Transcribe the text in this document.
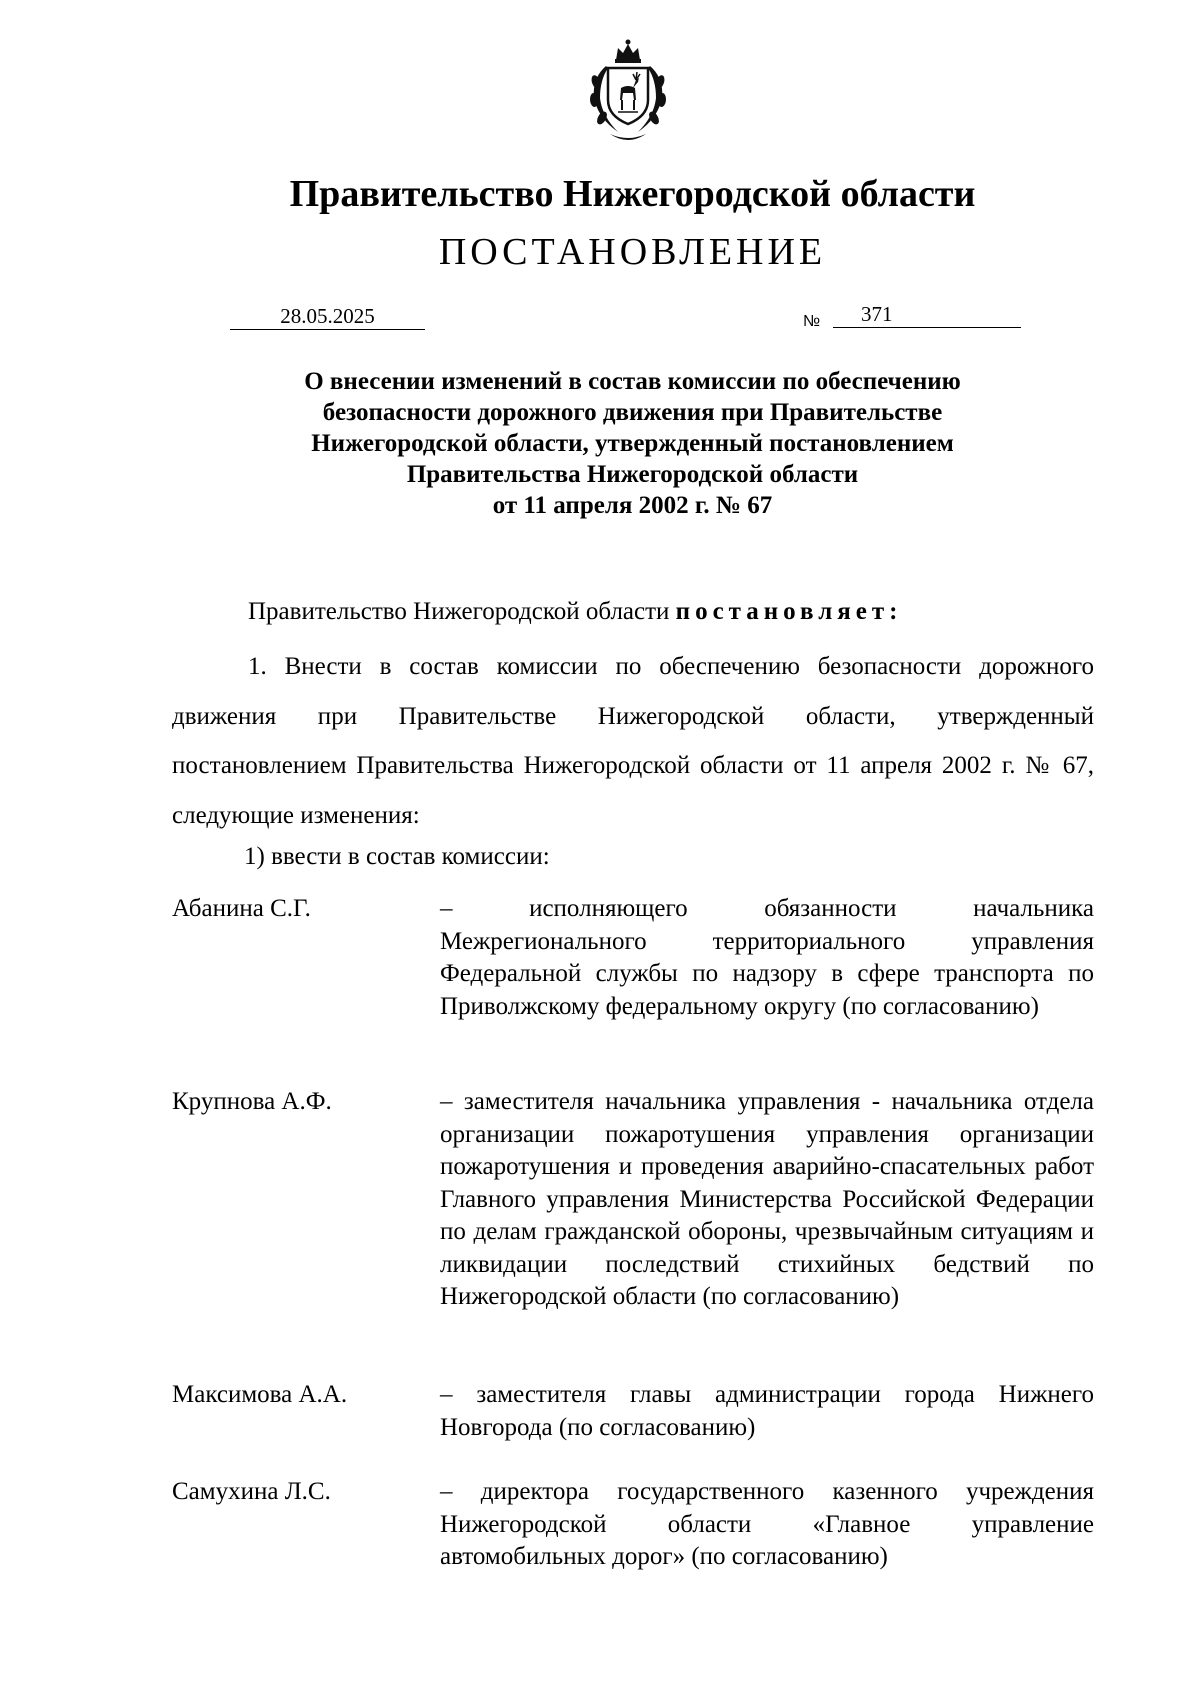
Правительство Нижегородской области
ПОСТАНОВЛЕНИЕ
28.05.2025	№	371
О внесении изменений в состав комиссии по обеспечению
безопасности дорожного движения при Правительстве
Нижегородской области, утвержденный постановлением
Правительства Нижегородской области
от 11 апреля 2002 г. № 67
Правительство Нижегородской области постановляет:
1. Внести в состав комиссии по обеспечению безопасности дорожного движения при Правительстве Нижегородской области, утвержденный постановлением Правительства Нижегородской области от 11 апреля 2002 г. № 67, следующие изменения:
1) ввести в состав комиссии:
Абанина С.Г.	– исполняющего обязанности начальника Межрегионального территориального управления Федеральной службы по надзору в сфере транспорта по Приволжскому федеральному округу (по согласованию)
Крупнова А.Ф.	– заместителя начальника управления - начальника отдела организации пожаротушения управления организации пожаротушения и проведения аварийно-спасательных работ Главного управления Министерства Российской Федерации по делам гражданской обороны, чрезвычайным ситуациям и ликвидации последствий стихийных бедствий по Нижегородской области (по согласованию)
Максимова А.А.	– заместителя главы администрации города Нижнего Новгорода (по согласованию)
Самухина Л.С.	– директора государственного казенного учреждения Нижегородской области «Главное управление автомобильных дорог» (по согласованию)
